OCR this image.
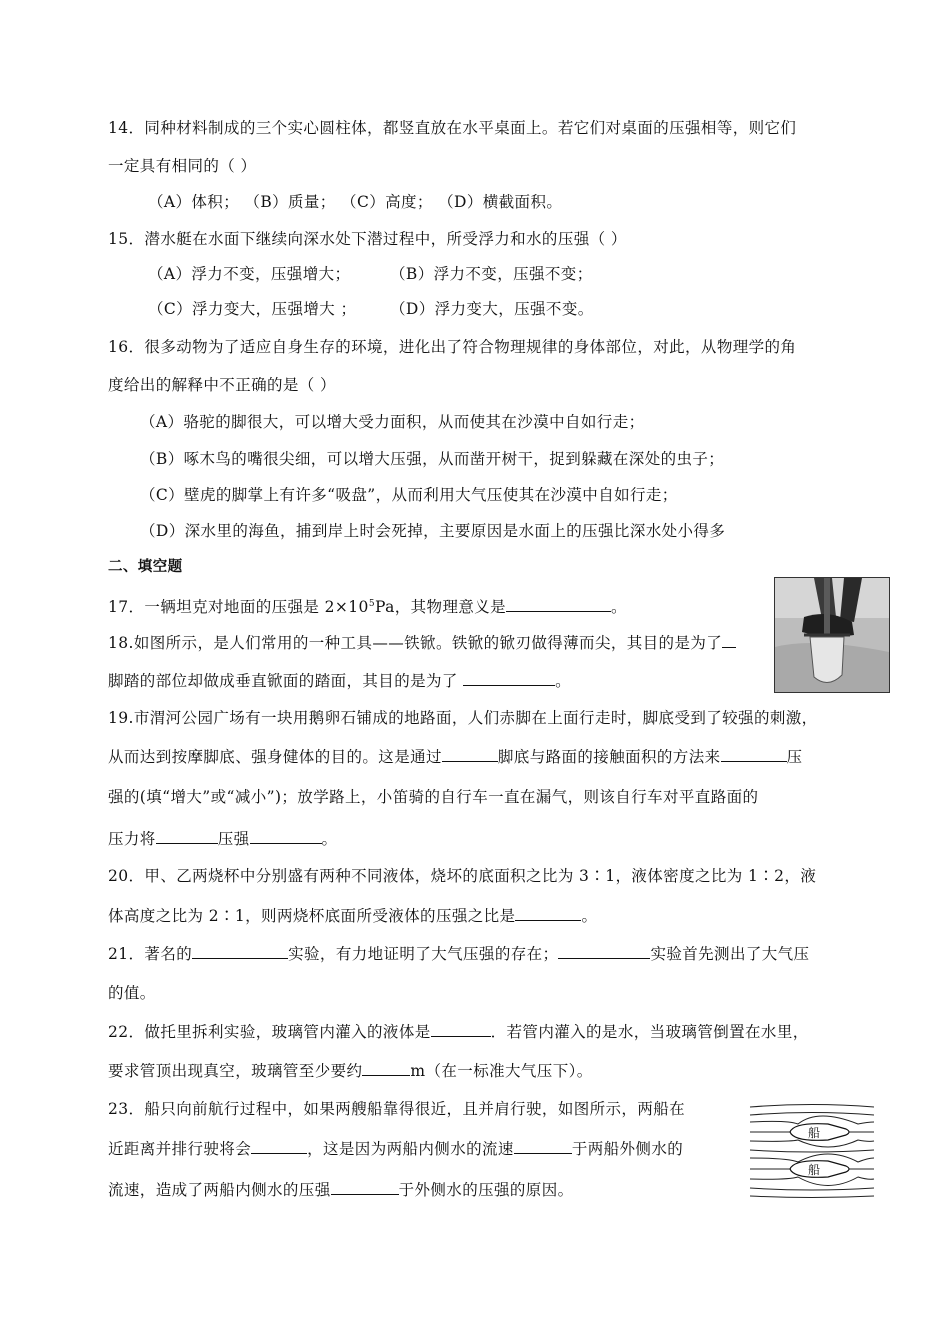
14．同种材料制成的三个实心圆柱体，都竖直放在水平桌面上。若它们对桌面的压强相等，则它们
一定具有相同的（ ）
（A）体积； （B）质量； （C）高度； （D）横截面积。
15．潜水艇在水面下继续向深水处下潜过程中，所受浮力和水的压强（ ）
（A）浮力不变，压强增大；	（B）浮力不变，压强不变；
（C）浮力变大，压强增大 ； （D）浮力变大，压强不变。
16．很多动物为了适应自身生存的环境，进化出了符合物理规律的身体部位，对此，从物理学的角
度给出的解释中不正确的是（ ）
（A）骆驼的脚很大，可以增大受力面积，从而使其在沙漠中自如行走；
（B）啄木鸟的嘴很尖细，可以增大压强，从而凿开树干，捉到躲藏在深处的虫子；
（C）壁虎的脚掌上有许多“吸盘”，从而利用大气压使其在沙漠中自如行走；
（D）深水里的海鱼，捕到岸上时会死掉，主要原因是水面上的压强比深水处小得多
二、填空题
17．一辆坦克对地面的压强是 $2\times 10^5Pa$，其物理意义是	。
18.如图所示，是人们常用的一种工具——铁锨。铁锨的锨刃做得薄而尖，其目的是为了
脚踏的部位却做成垂直锨面的踏面，其目的是为了	。
19.市渭河公园广场有一块用鹅卵石铺成的地路面，人们赤脚在上面行走时，脚底受到了较强的刺激，
从而达到按摩脚底、强身健体的目的。这是通过	脚底与路面的接触面积的方法来	压
强的(填“增大”或“减小”)；放学路上，小笛骑的自行车一直在漏气，则该自行车对平直路面的
压力将	压强	。
20．甲、乙两烧杯中分别盛有两种不同液体，烧坏的底面积之比为 3∶1，液体密度之比为 1∶2，液
体高度之比为 2∶1，则两烧杯底面所受液体的压强之比是	。
21．著名的	实验，有力地证明了大气压强的存在；	实验首先测出了大气压
的值。
22．做托里拆利实验，玻璃管内灌入的液体是	．若管内灌入的是水，当玻璃管倒置在水里，
要求管顶出现真空，玻璃管至少要约	m（在一标准大气压下）。
23．船只向前航行过程中，如果两艘船靠得很近，且并肩行驶，如图所示，两船在
近距离并排行驶将会	，这是因为两船内侧水的流速	于两船外侧水的
流速，造成了两船内侧水的压强	于外侧水的压强的原因。
船
船
